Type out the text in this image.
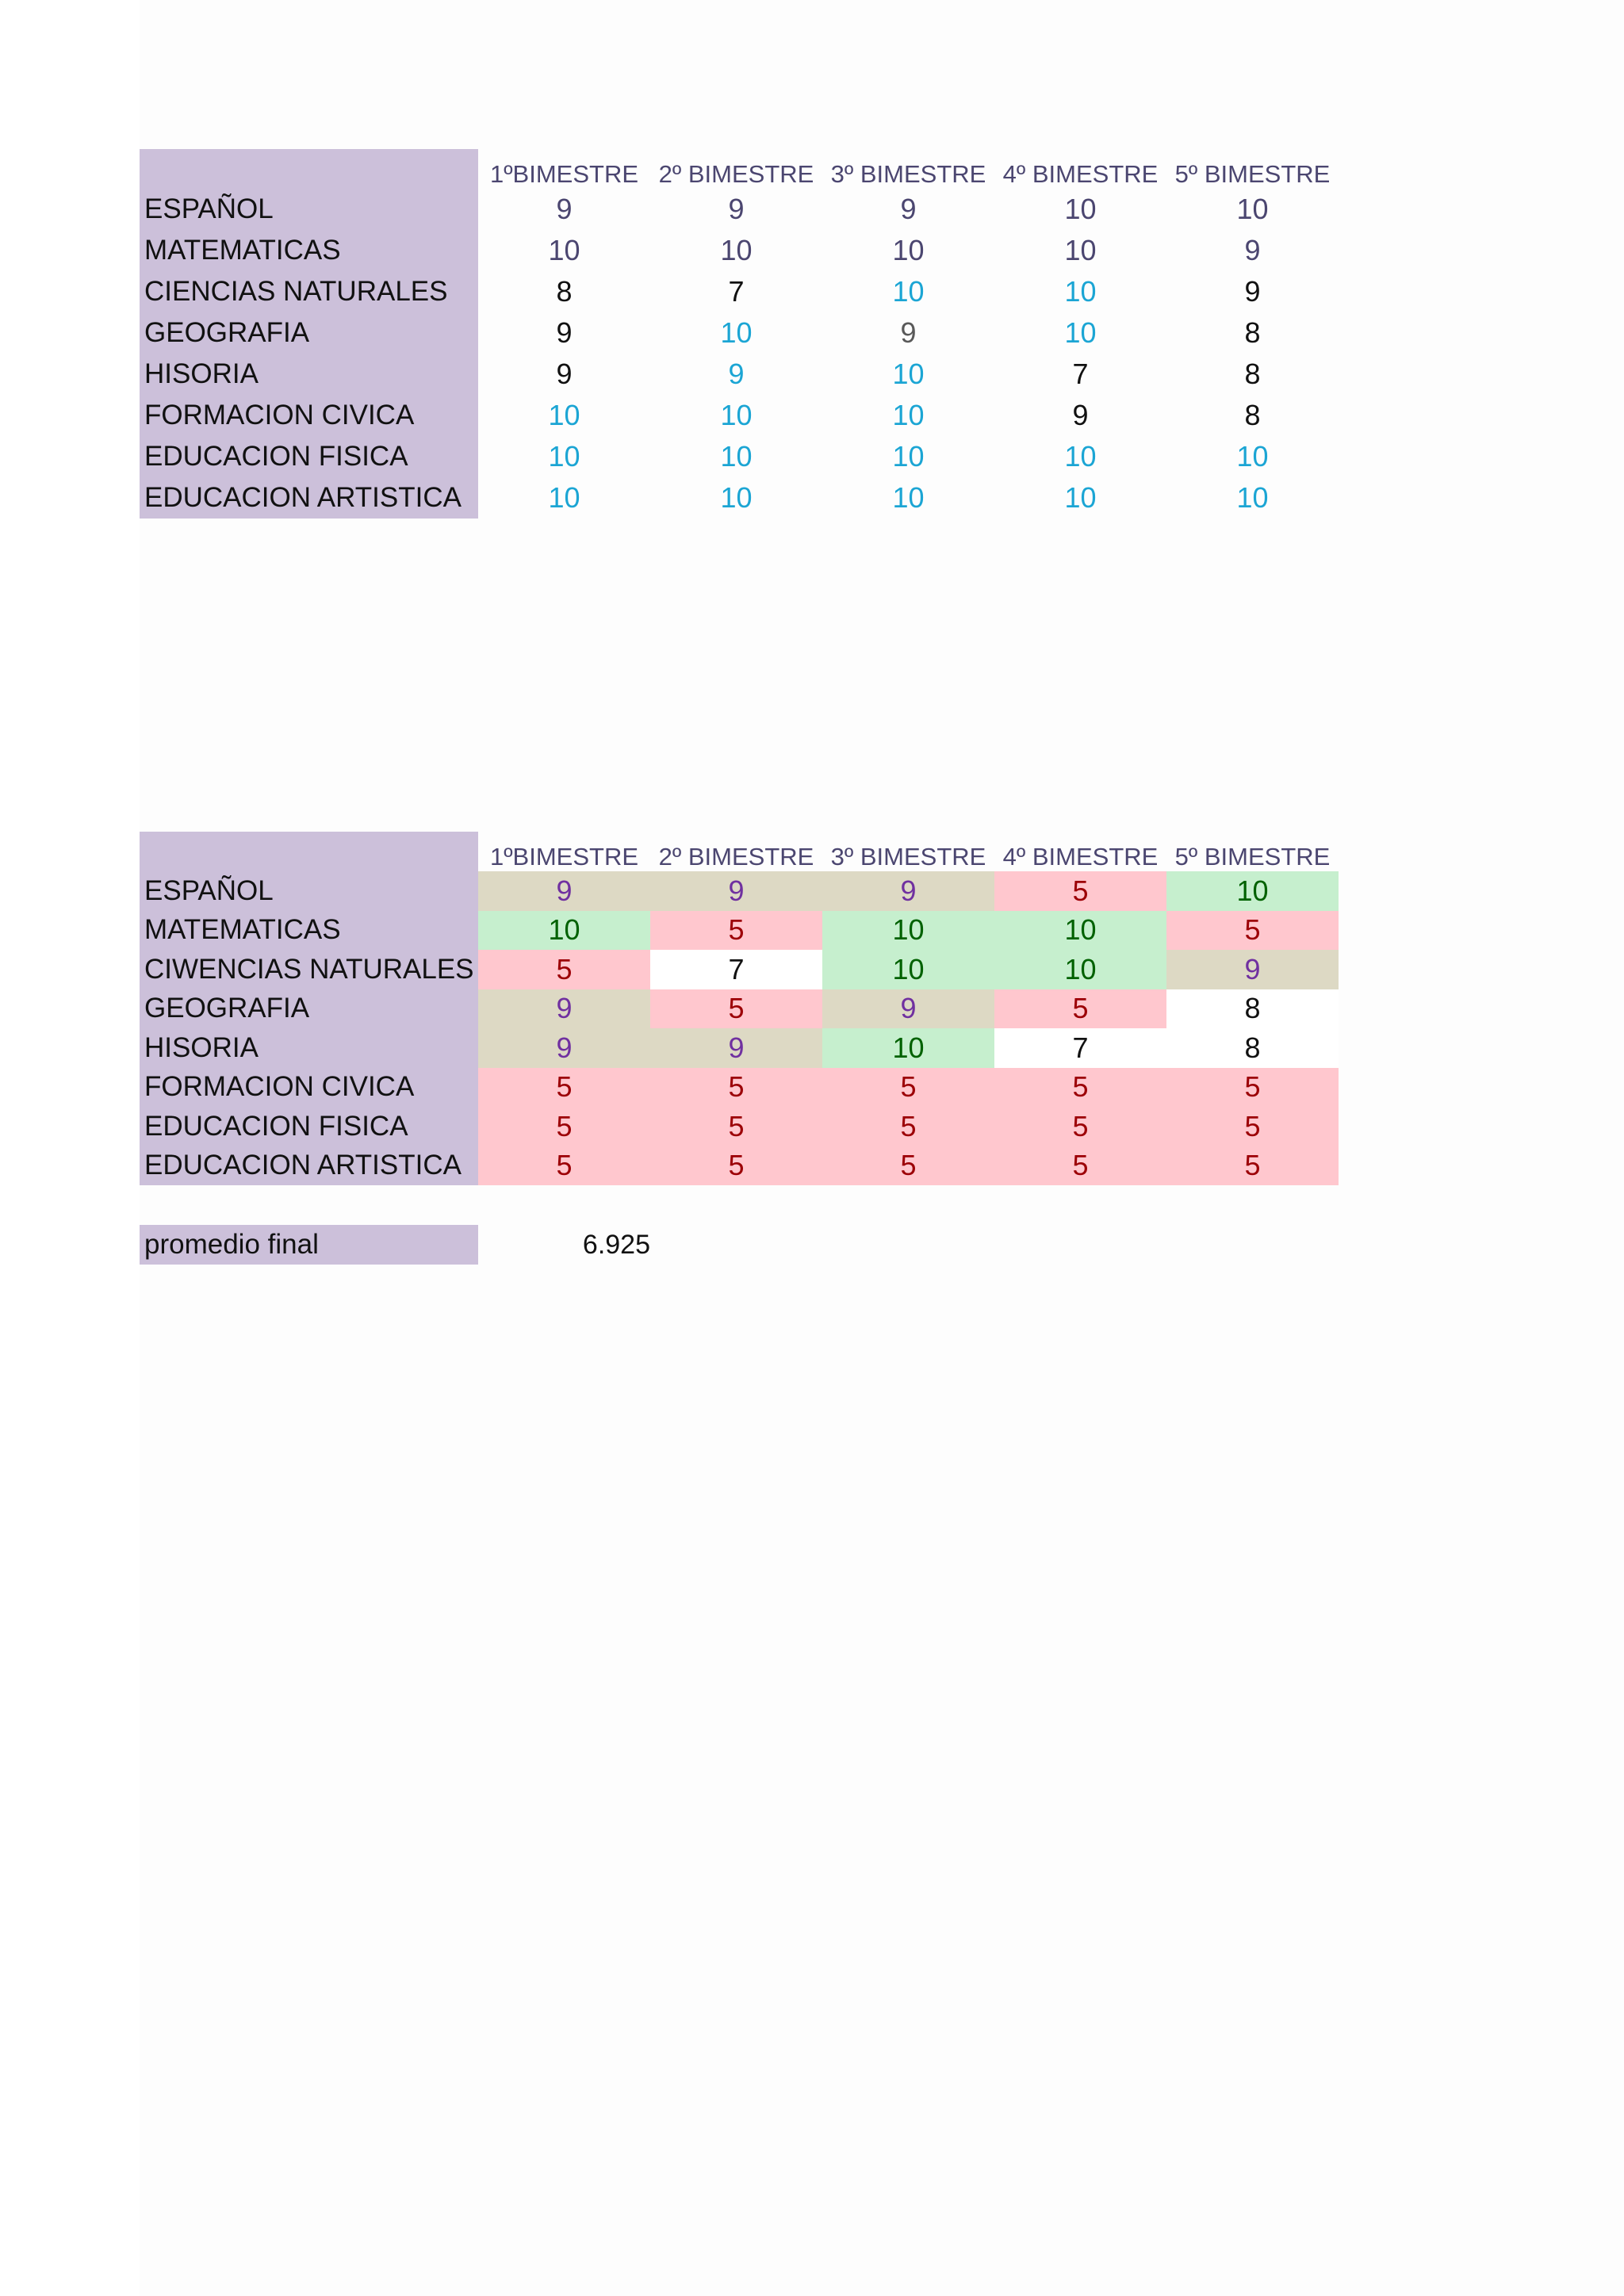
	1ºBIMESTRE	2º BIMESTRE	3º BIMESTRE	4º BIMESTRE	5º BIMESTRE
ESPAÑOL	9	9	9	10	10
MATEMATICAS	10	10	10	10	9
CIENCIAS NATURALES	8	7	10	10	9
GEOGRAFIA	9	10	9	10	8
HISORIA	9	9	10	7	8
FORMACION CIVICA	10	10	10	9	8
EDUCACION FISICA	10	10	10	10	10
EDUCACION ARTISTICA	10	10	10	10	10
	1ºBIMESTRE	2º BIMESTRE	3º BIMESTRE	4º BIMESTRE	5º BIMESTRE
ESPAÑOL	9	9	9	5	10
MATEMATICAS	10	5	10	10	5
CIWENCIAS NATURALES	5	7	10	10	9
GEOGRAFIA	9	5	9	5	8
HISORIA	9	9	10	7	8
FORMACION CIVICA	5	5	5	5	5
EDUCACION FISICA	5	5	5	5	5
EDUCACION ARTISTICA	5	5	5	5	5
promedio final	6.925
